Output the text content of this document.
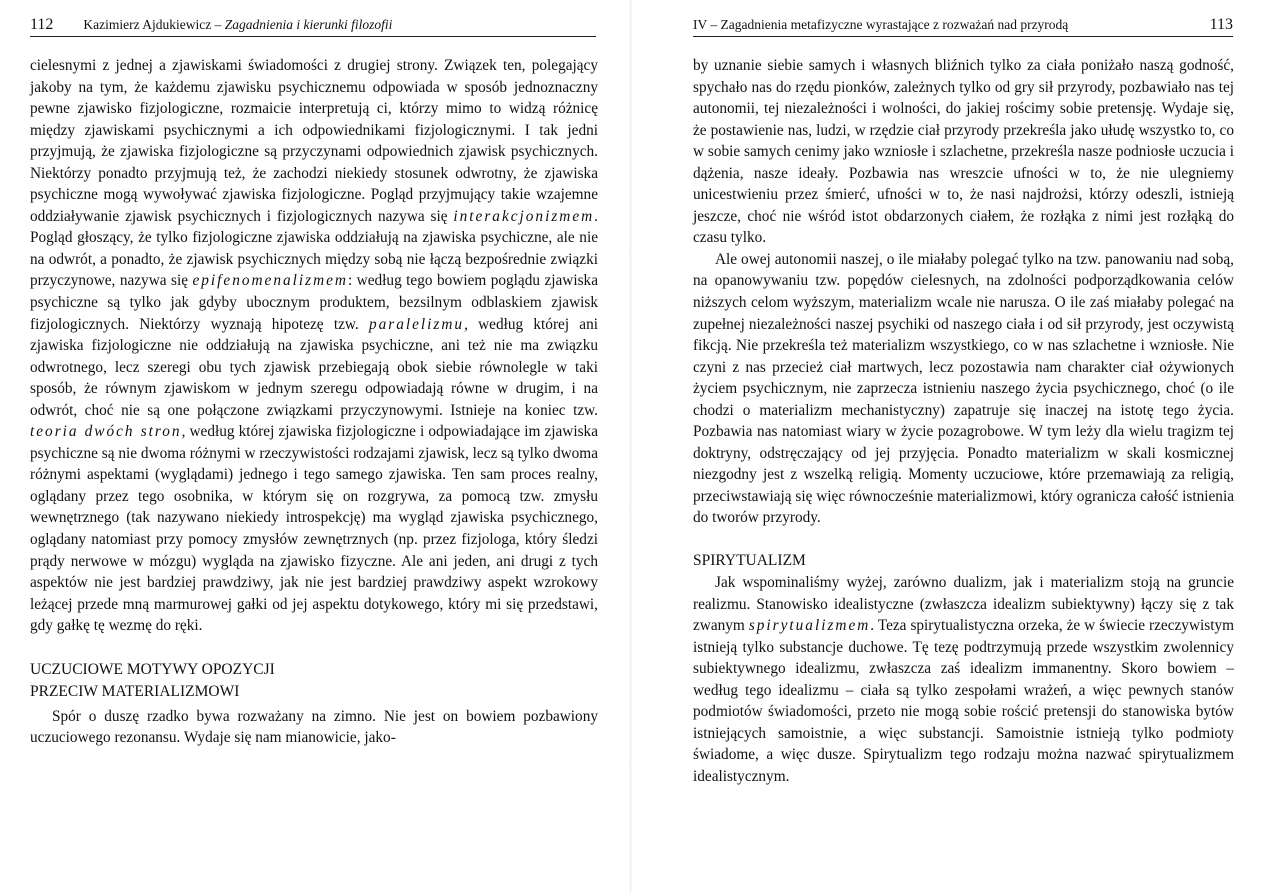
112 Kazimierz Ajdukiewicz – Zagadnienia i kierunki filozofii

cielesnymi z jednej a zjawiskami świadomości z drugiej strony. Związek ten, polegający jakoby na tym, że każdemu zjawisku psychicznemu odpowiada w sposób jednoznaczny pewne zjawisko fizjologiczne, rozmaicie interpretują ci, którzy mimo to widzą różnicę między zjawiskami psychicznymi a ich odpowiednikami fizjologicznymi. I tak jedni przyjmują, że zjawiska fizjologiczne są przyczynami odpowiednich zjawisk psychicznych. Niektórzy ponadto przyjmują też, że zachodzi niekiedy stosunek odwrotny, że zjawiska psychiczne mogą wywoływać zjawiska fizjologiczne. Pogląd przyjmujący takie wzajemne oddziaływanie zjawisk psychicznych i fizjologicznych nazywa się interakcjonizmem. Pogląd głoszący, że tylko fizjologiczne zjawiska oddziałują na zjawiska psychiczne, ale nie na odwrót, a ponadto, że zjawisk psychicznych między sobą nie łączą bezpośrednie związki przyczynowe, nazywa się epifenomenalizmem: według tego bowiem poglądu zjawiska psychiczne są tylko jak gdyby ubocznym produktem, bezsilnym odblaskiem zjawisk fizjologicznych. Niektórzy wyznają hipotezę tzw. paralelizmu, według której ani zjawiska fizjologiczne nie oddziałują na zjawiska psychiczne, ani też nie ma związku odwrotnego, lecz szeregi obu tych zjawisk przebiegają obok siebie równolegle w taki sposób, że równym zjawiskom w jednym szeregu odpowiadają równe w drugim, i na odwrót, choć nie są one połączone związkami przyczynowymi. Istnieje na koniec tzw. teoria dwóch stron, według której zjawiska fizjologiczne i odpowiadające im zjawiska psychiczne są nie dwoma różnymi w rzeczywistości rodzajami zjawisk, lecz są tylko dwoma różnymi aspektami (wyglądami) jednego i tego samego zjawiska. Ten sam proces realny, oglądany przez tego osobnika, w którym się on rozgrywa, za pomocą tzw. zmysłu wewnętrznego (tak nazywano niekiedy introspekcję) ma wygląd zjawiska psychicznego, oglądany natomiast przy pomocy zmysłów zewnętrznych (np. przez fizjologa, który śledzi prądy nerwowe w mózgu) wygląda na zjawisko fizyczne. Ale ani jeden, ani drugi z tych aspektów nie jest bardziej prawdziwy, jak nie jest bardziej prawdziwy aspekt wzrokowy leżącej przede mną marmurowej gałki od jej aspektu dotykowego, który mi się przedstawi, gdy gałkę tę wezmę do ręki.

UCZUCIOWE MOTYWY OPOZYCJI
PRZECIW MATERIALIZMOWI

Spór o duszę rzadko bywa rozważany na zimno. Nie jest on bowiem pozbawiony uczuciowego rezonansu. Wydaje się nam mianowicie, jako-

IV – Zagadnienia metafizyczne wyrastające z rozważań nad przyrodą	113

by uznanie siebie samych i własnych bliźnich tylko za ciała poniżało naszą godność, spychało nas do rzędu pionków, zależnych tylko od gry sił przyrody, pozbawiało nas tej autonomii, tej niezależności i wolności, do jakiej rościmy sobie pretensję. Wydaje się, że postawienie nas, ludzi, w rzędzie ciał przyrody przekreśla jako ułudę wszystko to, co w sobie samych cenimy jako wzniosłe i szlachetne, przekreśla nasze podniosłe uczucia i dążenia, nasze ideały. Pozbawia nas wreszcie ufności w to, że nie ulegniemy unicestwieniu przez śmierć, ufności w to, że nasi najdrożsi, którzy odeszli, istnieją jeszcze, choć nie wśród istot obdarzonych ciałem, że rozłąka z nimi jest rozłąką do czasu tylko.

Ale owej autonomii naszej, o ile miałaby polegać tylko na tzw. panowaniu nad sobą, na opanowywaniu tzw. popędów cielesnych, na zdolności podporządkowania celów niższych celom wyższym, materializm wcale nie narusza. O ile zaś miałaby polegać na zupełnej niezależności naszej psychiki od naszego ciała i od sił przyrody, jest oczywistą fikcją. Nie przekreśla też materializm wszystkiego, co w nas szlachetne i wzniosłe. Nie czyni z nas przecież ciał martwych, lecz pozostawia nam charakter ciał ożywionych życiem psychicznym, nie zaprzecza istnieniu naszego życia psychicznego, choć (o ile chodzi o materializm mechanistyczny) zapatruje się inaczej na istotę tego życia. Pozbawia nas natomiast wiary w życie pozagrobowe. W tym leży dla wielu tragizm tej doktryny, odstręczający od jej przyjęcia. Ponadto materializm w skali kosmicznej niezgodny jest z wszelką religią. Momenty uczuciowe, które przemawiają za religią, przeciwstawiają się więc równocześnie materializmowi, który ogranicza całość istnienia do tworów przyrody.

SPIRYTUALIZM

Jak wspominaliśmy wyżej, zarówno dualizm, jak i materializm stoją na gruncie realizmu. Stanowisko idealistyczne (zwłaszcza idealizm subiektywny) łączy się z tak zwanym spirytualizmem. Teza spirytualistyczna orzeka, że w świecie rzeczywistym istnieją tylko substancje duchowe. Tę tezę podtrzymują przede wszystkim zwolennicy subiektywnego idealizmu, zwłaszcza zaś idealizm immanentny. Skoro bowiem – według tego idealizmu – ciała są tylko zespołami wrażeń, a więc pewnych stanów podmiotów świadomości, przeto nie mogą sobie rościć pretensji do stanowiska bytów istniejących samoistnie, a więc substancji. Samoistnie istnieją tylko podmioty świadome, a więc dusze. Spirytualizm tego rodzaju można nazwać spirytualizmem idealistycznym.
